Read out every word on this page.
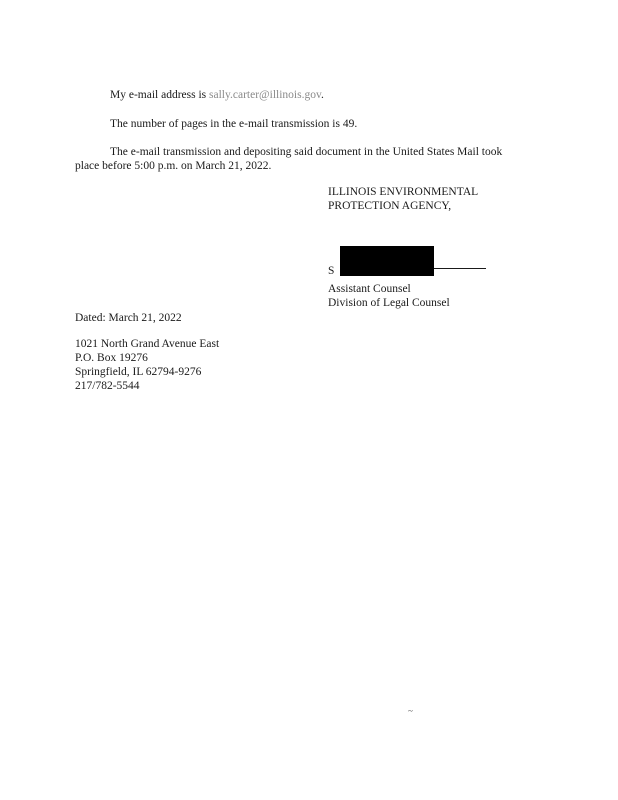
My e-mail address is sally.carter@illinois.gov.
The number of pages in the e-mail transmission is 49.
The e-mail transmission and depositing said document in the United States Mail took
place before 5:00 p.m. on March 21, 2022.
ILLINOIS ENVIRONMENTAL
PROTECTION AGENCY,
S
Assistant Counsel
Division of Legal Counsel
Dated: March 21, 2022
1021 North Grand Avenue East
P.O. Box 19276
Springfield, IL 62794-9276
217/782-5544
~
